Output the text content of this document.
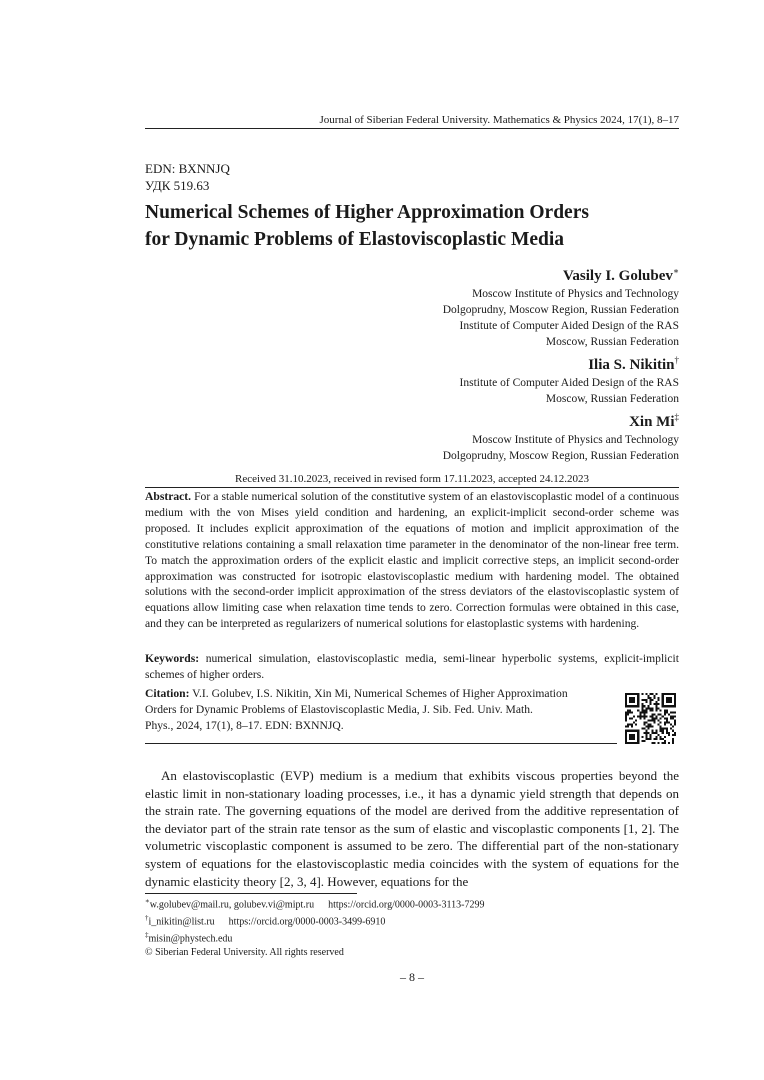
Journal of Siberian Federal University. Mathematics & Physics 2024, 17(1), 8–17
EDN: BXNNJQ
УДК 519.63
Numerical Schemes of Higher Approximation Orders
for Dynamic Problems of Elastoviscoplastic Media
Vasily I. Golubev∗
Moscow Institute of Physics and Technology
Dolgoprudny, Moscow Region, Russian Federation
Institute of Computer Aided Design of the RAS
Moscow, Russian Federation
Ilia S. Nikitin†
Institute of Computer Aided Design of the RAS
Moscow, Russian Federation
Xin Mi‡
Moscow Institute of Physics and Technology
Dolgoprudny, Moscow Region, Russian Federation
Received 31.10.2023, received in revised form 17.11.2023, accepted 24.12.2023
Abstract. For a stable numerical solution of the constitutive system of an elastoviscoplastic model of a continuous medium with the von Mises yield condition and hardening, an explicit-implicit second-order scheme was proposed. It includes explicit approximation of the equations of motion and implicit approximation of the constitutive relations containing a small relaxation time parameter in the denominator of the non-linear free term. To match the approximation orders of the explicit elastic and implicit corrective steps, an implicit second-order approximation was constructed for isotropic elastoviscoplastic medium with hardening model. The obtained solutions with the second-order implicit approximation of the stress deviators of the elastoviscoplastic system of equations allow limiting case when relaxation time tends to zero. Correction formulas were obtained in this case, and they can be interpreted as regularizers of numerical solutions for elastoplastic systems with hardening.
Keywords: numerical simulation, elastoviscoplastic media, semi-linear hyperbolic systems, explicit-implicit schemes of higher orders.
Citation: V.I. Golubev, I.S. Nikitin, Xin Mi, Numerical Schemes of Higher Approximation
Orders for Dynamic Problems of Elastoviscoplastic Media, J. Sib. Fed. Univ. Math.
Phys., 2024, 17(1), 8–17. EDN: BXNNJQ.

An elastoviscoplastic (EVP) medium is a medium that exhibits viscous properties beyond the elastic limit in non-stationary loading processes, i.e., it has a dynamic yield strength that depends on the strain rate. The governing equations of the model are derived from the additive representation of the deviator part of the strain rate tensor as the sum of elastic and viscoplastic components [1, 2]. The volumetric viscoplastic component is assumed to be zero. The differential part of the non-stationary system of equations for the elastoviscoplastic media coincides with the system of equations for the dynamic elasticity theory [2, 3, 4]. However, equations for the

∗w.golubev@mail.ru, golubev.vi@mipt.ru https://orcid.org/0000-0003-3113-7299
†i_nikitin@list.ru https://orcid.org/0000-0003-3499-6910
‡misin@phystech.edu
© Siberian Federal University. All rights reserved
– 8 –
